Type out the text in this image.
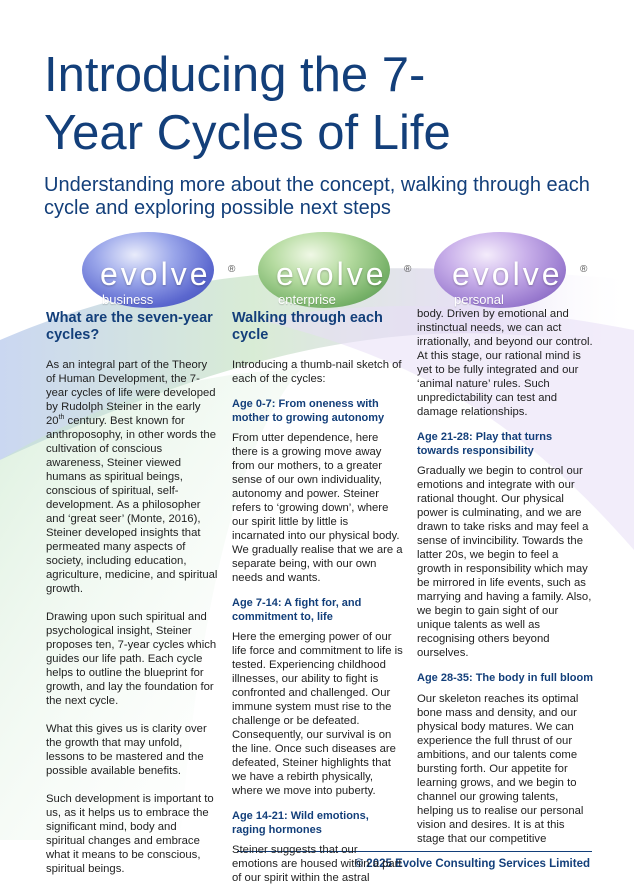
Introducing the 7-
Year Cycles of Life
Understanding more about the concept, walking through each cycle and exploring possible next steps
evolve ®
business
evolve ®
enterprise
evolve ®
personal
What are the seven-year cycles?

As an integral part of the Theory of Human Development, the 7-year cycles of life were developed by Rudolph Steiner in the early 20th century. Best known for anthroposophy, in other words the cultivation of conscious awareness, Steiner viewed humans as spiritual beings, conscious of spiritual, self-development. As a philosopher and ‘great seer’ (Monte, 2016), Steiner developed insights that permeated many aspects of society, including education, agriculture, medicine, and spiritual growth.

Drawing upon such spiritual and psychological insight, Steiner proposes ten, 7-year cycles which guides our life path. Each cycle helps to outline the blueprint for growth, and lay the foundation for the next cycle.

What this gives us is clarity over the growth that may unfold, lessons to be mastered and the possible available benefits.

Such development is important to us, as it helps us to embrace the significant mind, body and spiritual changes and embrace what it means to be conscious, spiritual beings.

Walking through each cycle

Introducing a thumb-nail sketch of each of the cycles:

Age 0-7: From oneness with mother to growing autonomy

From utter dependence, here there is a growing move away from our mothers, to a greater sense of our own individuality, autonomy and power. Steiner refers to ‘growing down’, where our spirit little by little is incarnated into our physical body. We gradually realise that we are a separate being, with our own needs and wants.

Age 7-14: A fight for, and commitment to, life

Here the emerging power of our life force and commitment to life is tested. Experiencing childhood illnesses, our ability to fight is confronted and challenged. Our immune system must rise to the challenge or be defeated. Consequently, our survival is on the line. Once such diseases are defeated, Steiner highlights that we have a rebirth physically, where we move into puberty.

Age 14-21: Wild emotions, raging hormones

Steiner suggests that our emotions are housed within a part of our spirit within the astral

body. Driven by emotional and instinctual needs, we can act irrationally, and beyond our control. At this stage, our rational mind is yet to be fully integrated and our ‘animal nature’ rules. Such unpredictability can test and damage relationships.

Age 21-28: Play that turns towards responsibility

Gradually we begin to control our emotions and integrate with our rational thought. Our physical power is culminating, and we are drawn to take risks and may feel a sense of invincibility. Towards the latter 20s, we begin to feel a growth in responsibility which may be mirrored in life events, such as marrying and having a family. Also, we begin to gain sight of our unique talents as well as recognising others beyond ourselves.

Age 28-35: The body in full bloom

Our skeleton reaches its optimal bone mass and density, and our physical body matures. We can experience the full thrust of our ambitions, and our talents come bursting forth. Our appetite for learning grows, and we begin to channel our growing talents, helping us to realise our personal vision and desires. It is at this stage that our competitive

© 2025 Evolve Consulting Services Limited
